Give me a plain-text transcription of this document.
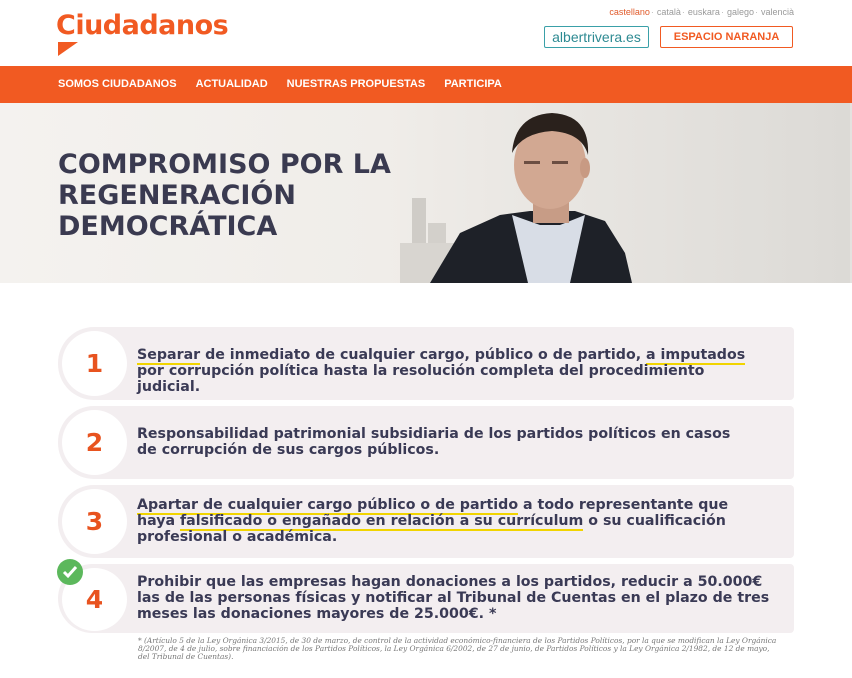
Ciudadanos	castellano· català· euskara· galego· valencià
albertrivera.es	ESPACIO NARANJA
SOMOS CIUDADANOS ACTUALIDAD NUESTRAS PROPUESTAS PARTICIPA
COMPROMISO POR LA
REGENERACIÓN
DEMOCRÁTICA
1	Separar de inmediato de cualquier cargo, público o de partido, a imputados por corrupción política hasta la resolución completa del procedimiento judicial.
2	Responsabilidad patrimonial subsidiaria de los partidos políticos en casos de corrupción de sus cargos públicos.
3
Apartar de cualquier cargo público o de partido a todo representante que haya falsificado o engañado en relación a su currículum o su cualificación profesional o académica.
4
Prohibir que las empresas hagan donaciones a los partidos, reducir a 50.000€ las de las personas físicas y notificar al Tribunal de Cuentas en el plazo de tres meses las donaciones mayores de 25.000€. *
* (Artículo 5 de la Ley Orgánica 3/2015, de 30 de marzo, de control de la actividad económico-financiera de los Partidos Políticos, por la que se modifican la Ley Orgánica 8/2007, de 4 de julio, sobre financiación de los Partidos Políticos, la Ley Orgánica 6/2002, de 27 de junio, de Partidos Políticos y la Ley Orgánica 2/1982, de 12 de mayo, del Tribunal de Cuentas).
